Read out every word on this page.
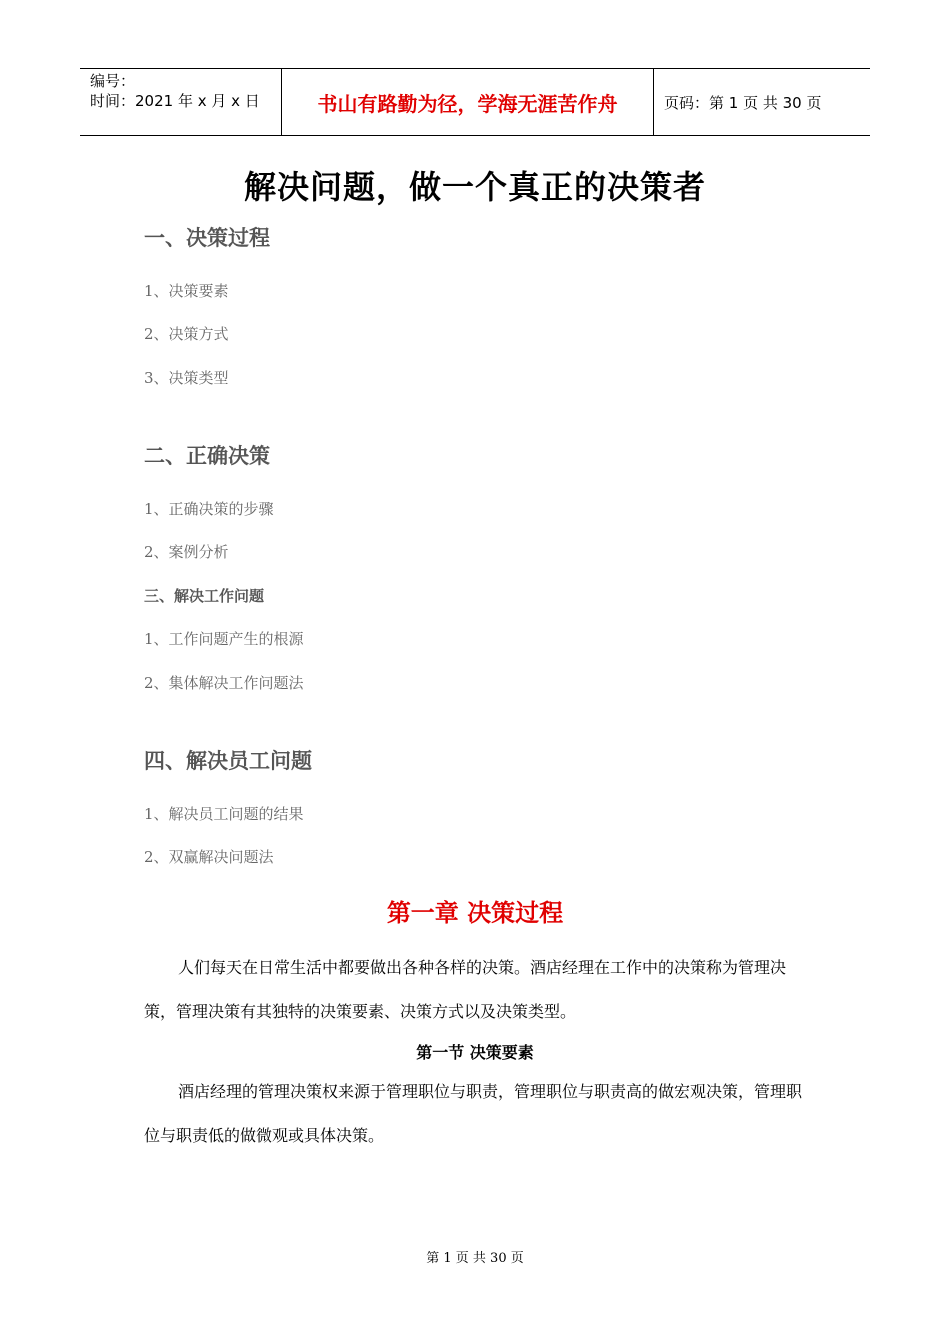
编号：
时间：2021 年 x 月 x 日	书山有路勤为径，学海无涯苦作舟	页码：第 1 页 共 30 页
解决问题，做一个真正的决策者
一、决策过程
1、决策要素
2、决策方式
3、决策类型
二、正确决策
1、正确决策的步骤
2、案例分析
三、解决工作问题
1、工作问题产生的根源
2、集体解决工作问题法
四、解决员工问题
1、解决员工问题的结果
2、双赢解决问题法
第一章 决策过程
人们每天在日常生活中都要做出各种各样的决策。酒店经理在工作中的决策称为管理决策，管理决策有其独特的决策要素、决策方式以及决策类型。
第一节 决策要素
酒店经理的管理决策权来源于管理职位与职责，管理职位与职责高的做宏观决策，管理职位与职责低的做微观或具体决策。
第 1 页 共 30 页
